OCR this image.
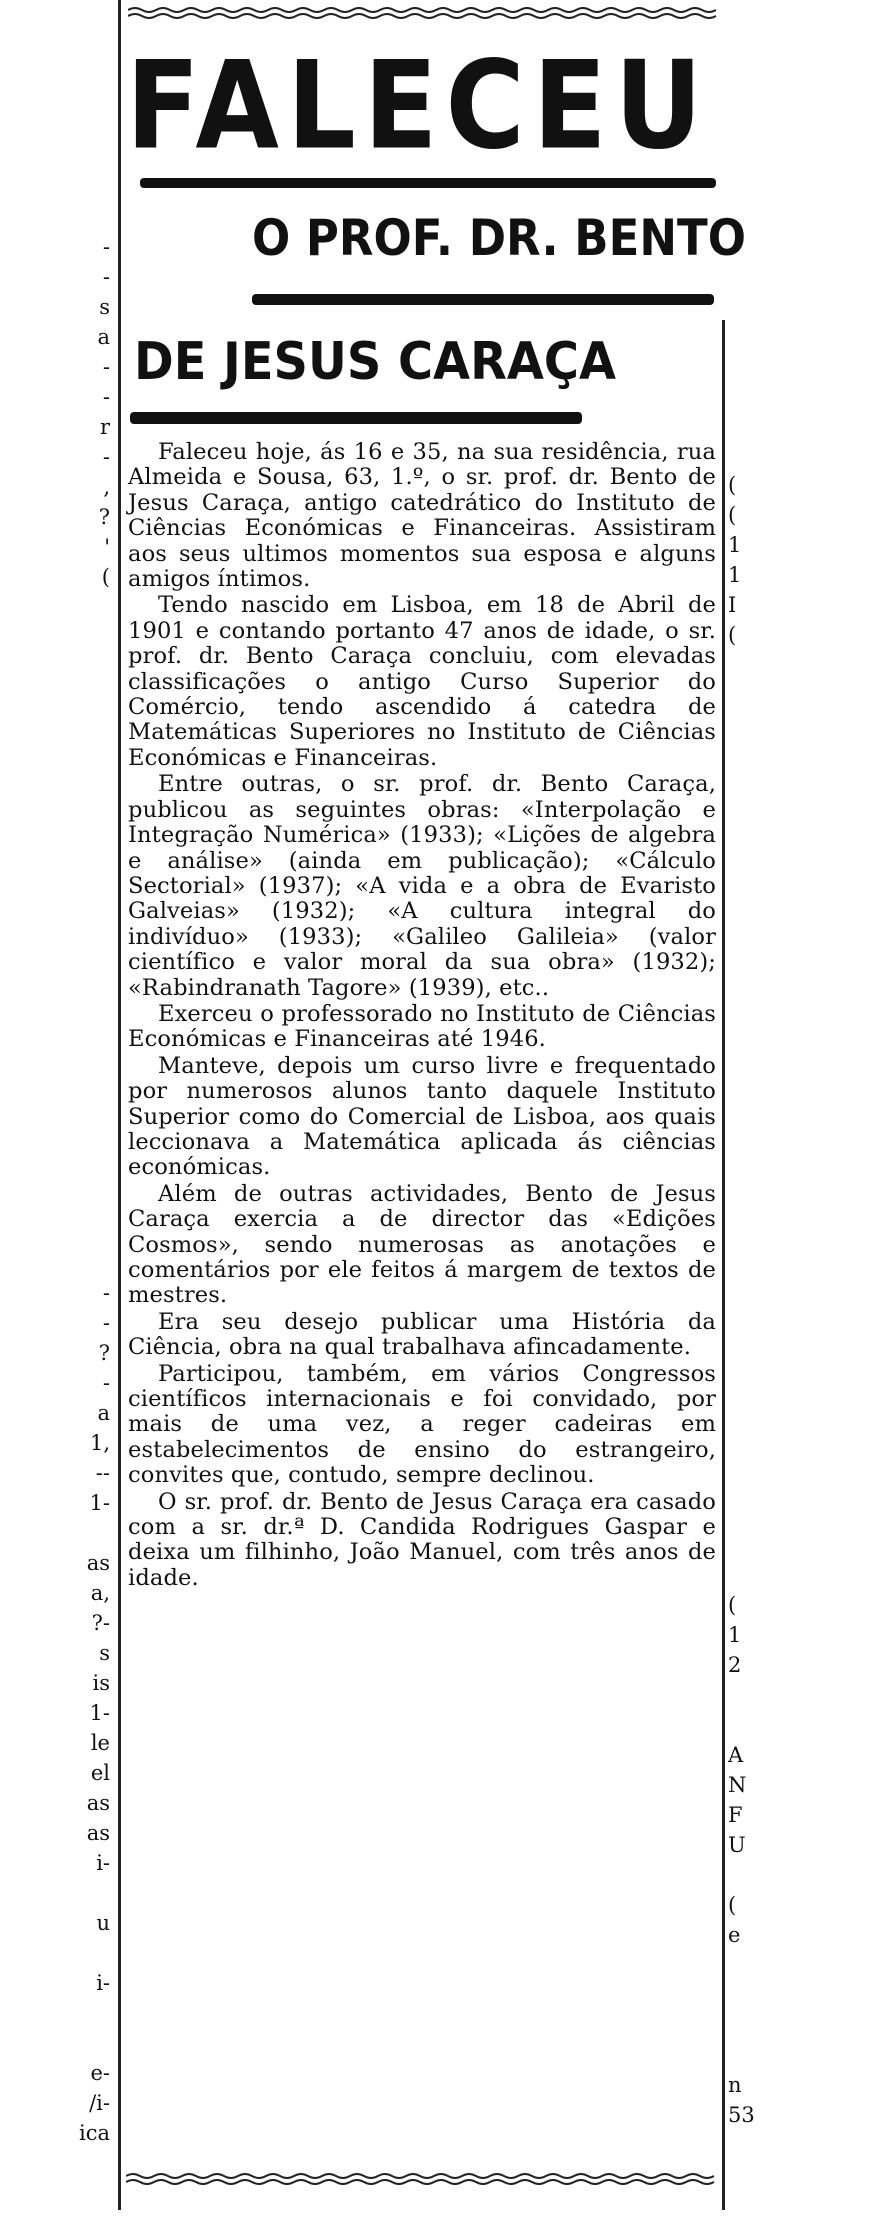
FALECEU
O PROF. DR. BENTO
DE JESUS CARAÇA

Faleceu hoje, ás 16 e 35, na sua residência, rua Almeida e Sousa, 63, 1.º, o sr. prof. dr. Bento de Jesus Caraça, antigo catedrático do Instituto de Ciências Económicas e Financeiras. Assistiram aos seus ultimos momentos sua esposa e alguns amigos íntimos.

Tendo nascido em Lisboa, em 18 de Abril de 1901 e contando portanto 47 anos de idade, o sr. prof. dr. Bento Caraça concluiu, com elevadas classificações o antigo Curso Superior do Comércio, tendo ascendido á catedra de Matemáticas Superiores no Instituto de Ciências Económicas e Financeiras.

Entre outras, o sr. prof. dr. Bento Caraça, publicou as seguintes obras: «Interpolação e Integração Numérica» (1933); «Lições de algebra e análise» (ainda em publicação); «Cálculo Sectorial» (1937); «A vida e a obra de Evaristo Galveias» (1932); «A cultura integral do indivíduo» (1933); «Galileo Galileia» (valor científico e valor moral da sua obra» (1932); «Rabindranath Tagore» (1939), etc..

Exerceu o professorado no Instituto de Ciências Económicas e Financeiras até 1946.

Manteve, depois um curso livre e frequentado por numerosos alunos tanto daquele Instituto Superior como do Comercial de Lisboa, aos quais leccionava a Matemática aplicada ás ciências económicas.

Além de outras actividades, Bento de Jesus Caraça exercia a de director das «Edições Cosmos», sendo numerosas as anotações e comentários por ele feitos á margem de textos de mestres.

Era seu desejo publicar uma História da Ciência, obra na qual trabalhava afincadamente.

Participou, também, em vários Congressos científicos internacionais e foi convidado, por mais de uma vez, a reger cadeiras em estabelecimentos de ensino do estrangeiro, convites que, contudo, sempre declinou.

O sr. prof. dr. Bento de Jesus Caraça era casado com a sr. dr.ª D. Candida Rodrigues Gaspar e deixa um filhinho, João Manuel, com três anos de idade.

-
-
s
a
-
-
r
-
,
?
'
(
-
-
?
-
a
1,
--
1-
as
a,
?-
s
is
1-
le
el
as
as
i-
u
i-
e-
/i-
ica
(
(
1
1
I
(
(
1
2
A
N
F
U
(
e
n
53
